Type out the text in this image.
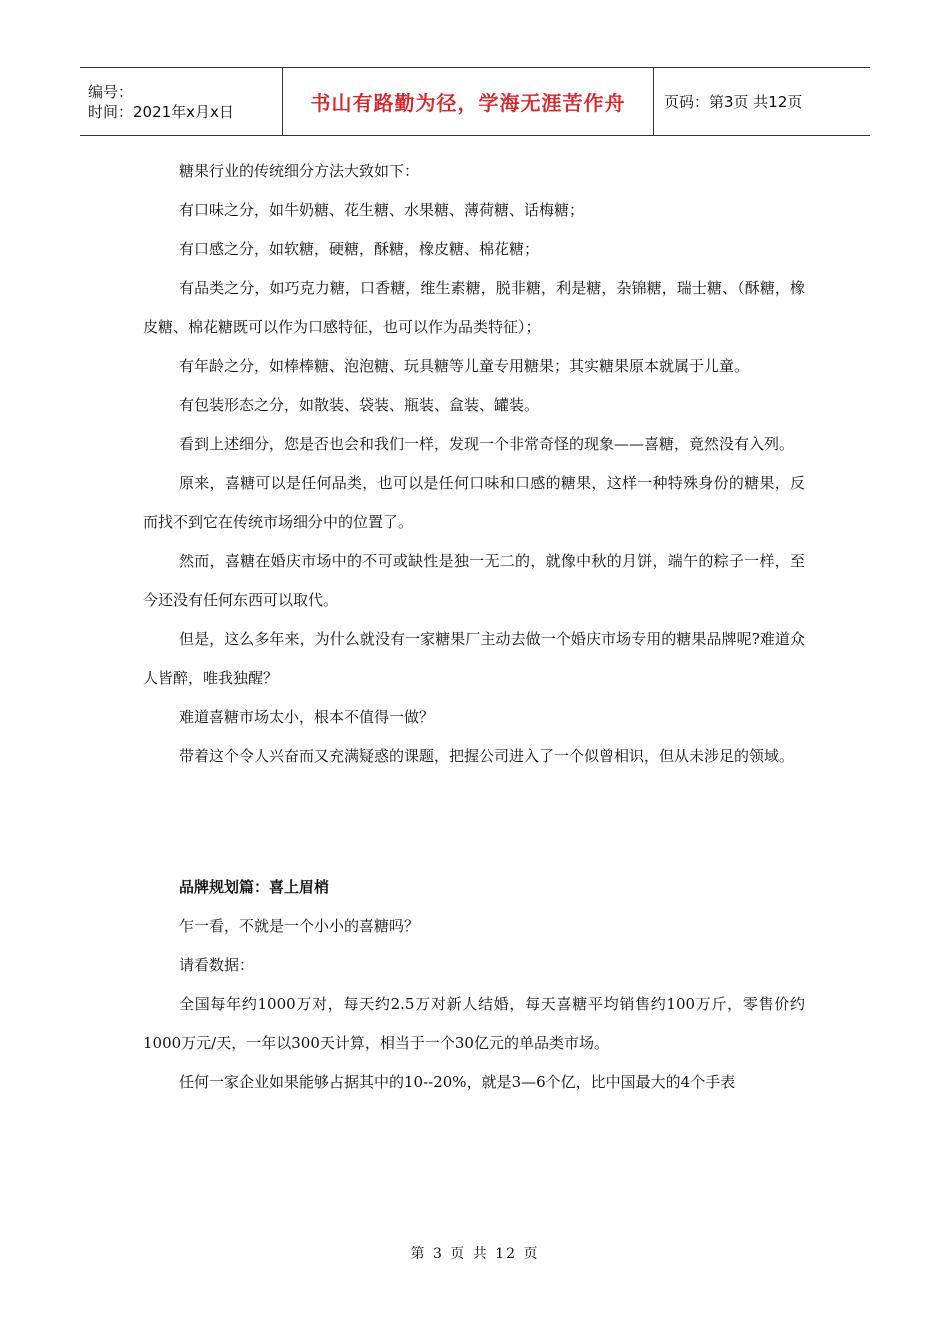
编号：
时间：2021年x月x日	书山有路勤为径，学海无涯苦作舟	页码：第3页 共12页

糖果行业的传统细分方法大致如下：

有口味之分，如牛奶糖、花生糖、水果糖、薄荷糖、话梅糖；

有口感之分，如软糖，硬糖，酥糖，橡皮糖、棉花糖；

有品类之分，如巧克力糖，口香糖，维生素糖，脱非糖，利是糖，杂锦糖，瑞士糖、（酥糖，橡皮糖、棉花糖既可以作为口感特征，也可以作为品类特征）；

有年龄之分，如棒棒糖、泡泡糖、玩具糖等儿童专用糖果；其实糖果原本就属于儿童。

有包装形态之分，如散装、袋装、瓶装、盒装、罐装。

看到上述细分，您是否也会和我们一样，发现一个非常奇怪的现象——喜糖，竟然没有入列。

原来，喜糖可以是任何品类，也可以是任何口味和口感的糖果，这样一种特殊身份的糖果，反而找不到它在传统市场细分中的位置了。

然而，喜糖在婚庆市场中的不可或缺性是独一无二的，就像中秋的月饼，端午的粽子一样，至今还没有任何东西可以取代。

但是，这么多年来，为什么就没有一家糖果厂主动去做一个婚庆市场专用的糖果品牌呢?难道众人皆醉，唯我独醒？

难道喜糖市场太小，根本不值得一做？

带着这个令人兴奋而又充满疑惑的课题，把握公司进入了一个似曾相识，但从未涉足的领域。

品牌规划篇：喜上眉梢

乍一看，不就是一个小小的喜糖吗？

请看数据：

全国每年约1000万对，每天约2.5万对新人结婚，每天喜糖平均销售约100万斤，零售价约1000万元/天，一年以300天计算，相当于一个30亿元的单品类市场。

任何一家企业如果能够占据其中的10--20%，就是3—6个亿，比中国最大的4个手表

第 3 页 共 12 页
